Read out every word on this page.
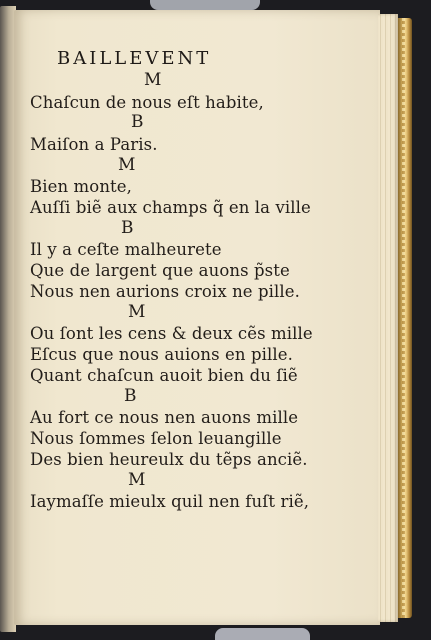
BAILLEVENT
M
Chaſcun de nous eſt habite,
B
Maiſon a Paris.
M
Bien monte,
Auſſi biẽ aux champs q̃ en la ville
B
Il y a ceſte malheurete
Que de largent que auons p̃ste
Nous nen aurions croix ne pille.
M
Ou ſont les cens & deux cẽs mille
Eſcus que nous auions en pille.
Quant chaſcun auoit bien du ſiẽ
B
Au fort ce nous nen auons mille
Nous ſommes ſelon leuangille
Des bien heureulx du tẽps anciẽ.
M
Iaymaſſe mieulx quil nen fuſt riẽ,
